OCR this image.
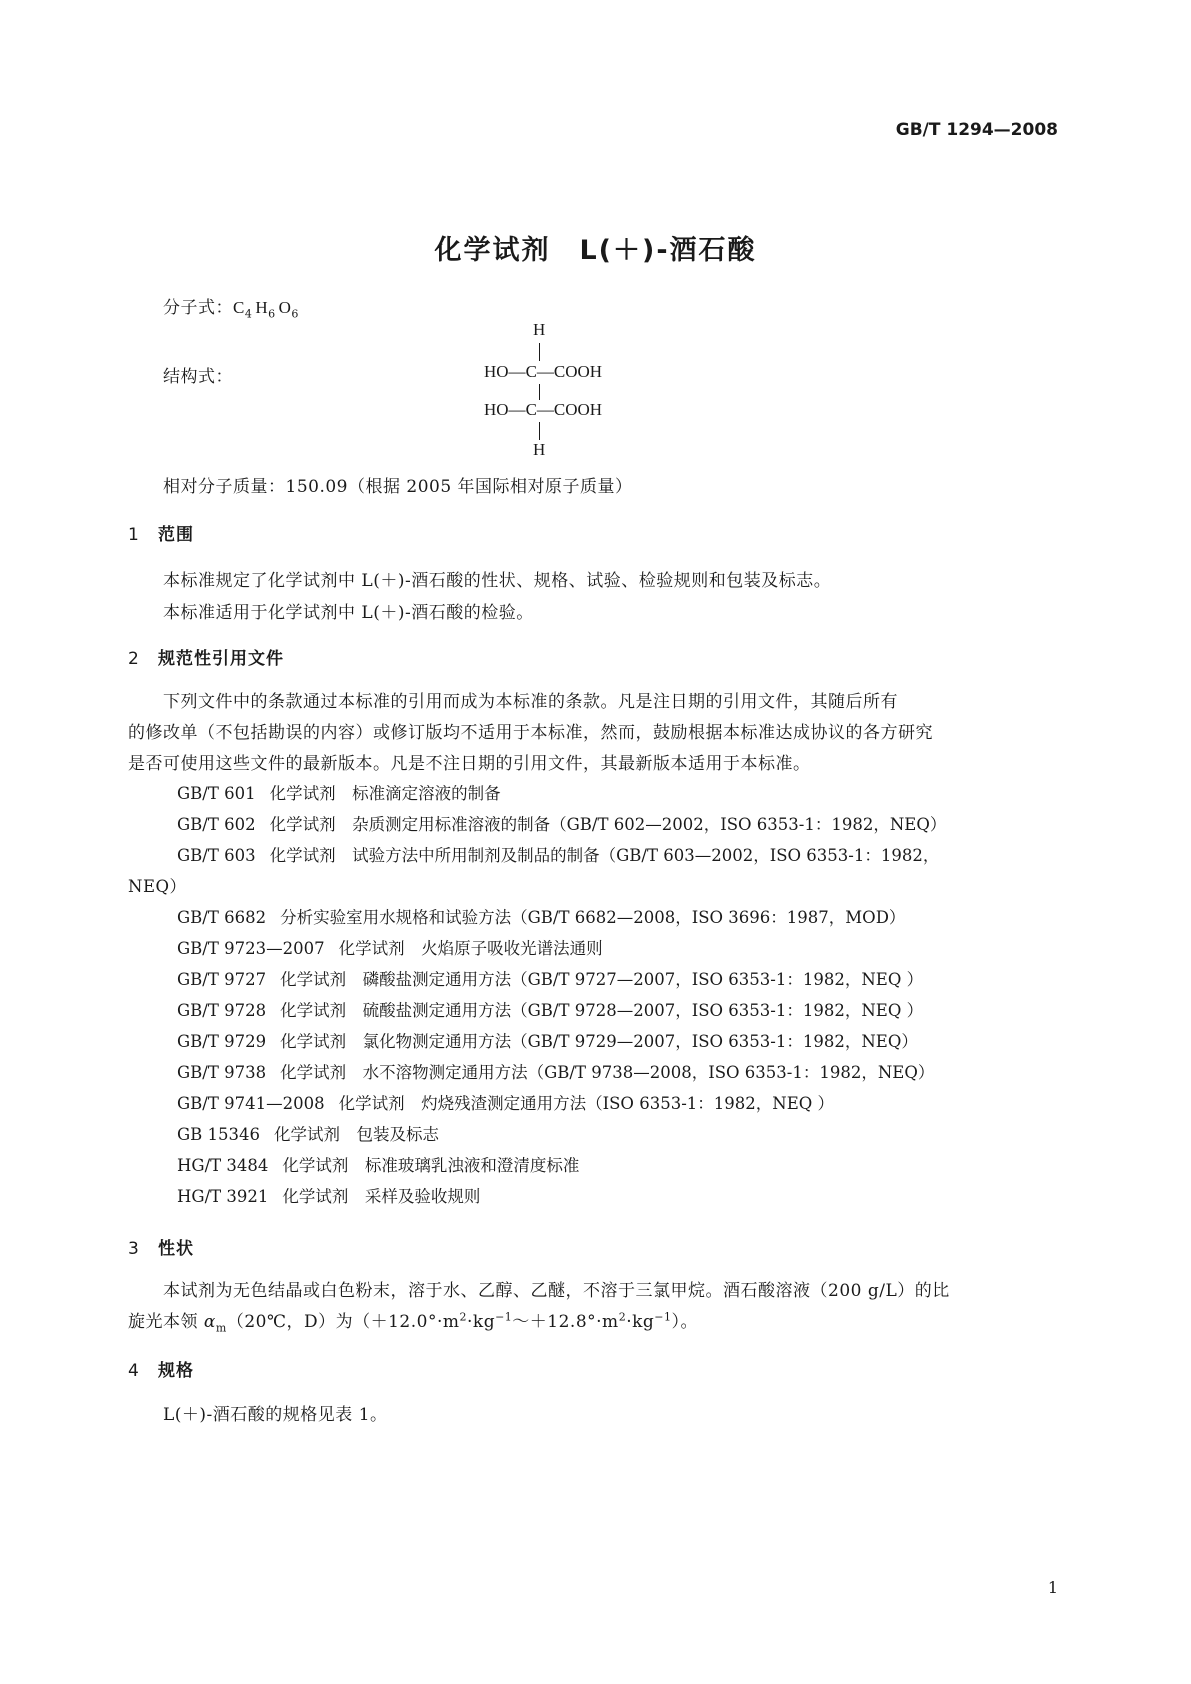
GB/T 1294—2008
化学试剂　L(＋)-酒石酸
分子式：$C_4$ $H_6$ $O_6$
结构式：
H
HO—C—COOH
HO—C—COOH
H
相对分子质量：150.09（根据 2005 年国际相对原子质量）
1 范围
本标准规定了化学试剂中 L(＋)-酒石酸的性状、规格、试验、检验规则和包装及标志。
本标准适用于化学试剂中 L(＋)-酒石酸的检验。
2 规范性引用文件
下列文件中的条款通过本标准的引用而成为本标准的条款。凡是注日期的引用文件，其随后所有
的修改单（不包括勘误的内容）或修订版均不适用于本标准，然而，鼓励根据本标准达成协议的各方研究
是否可使用这些文件的最新版本。凡是不注日期的引用文件，其最新版本适用于本标准。
GB/T 601 化学试剂　标准滴定溶液的制备
GB/T 602 化学试剂　杂质测定用标准溶液的制备（GB/T 602—2002，ISO 6353-1：1982，NEQ）
GB/T 603 化学试剂　试验方法中所用制剂及制品的制备（GB/T 603—2002，ISO 6353-1：1982，
NEQ）
GB/T 6682 分析实验室用水规格和试验方法（GB/T 6682—2008，ISO 3696：1987，MOD）
GB/T 9723—2007 化学试剂　火焰原子吸收光谱法通则
GB/T 9727 化学试剂　磷酸盐测定通用方法（GB/T 9727—2007，ISO 6353-1：1982，NEQ ）
GB/T 9728 化学试剂　硫酸盐测定通用方法（GB/T 9728—2007，ISO 6353-1：1982，NEQ ）
GB/T 9729 化学试剂　氯化物测定通用方法（GB/T 9729—2007，ISO 6353-1：1982，NEQ）
GB/T 9738 化学试剂　水不溶物测定通用方法（GB/T 9738—2008，ISO 6353-1：1982，NEQ）
GB/T 9741—2008 化学试剂　灼烧残渣测定通用方法（ISO 6353-1：1982，NEQ ）
GB 15346 化学试剂　包装及标志
HG/T 3484 化学试剂　标准玻璃乳浊液和澄清度标准
HG/T 3921 化学试剂　采样及验收规则
3 性状
本试剂为无色结晶或白色粉末，溶于水、乙醇、乙醚，不溶于三氯甲烷。酒石酸溶液（200 g/L）的比
旋光本领 $\alpha_m(20℃$，D）为$(+12.0^\circ\cdot m^2\cdot kg^{-1}\sim+12.8^\circ\cdot m^2\cdot kg^{-1})$。
4 规格
L(＋)-酒石酸的规格见表 1。
1
